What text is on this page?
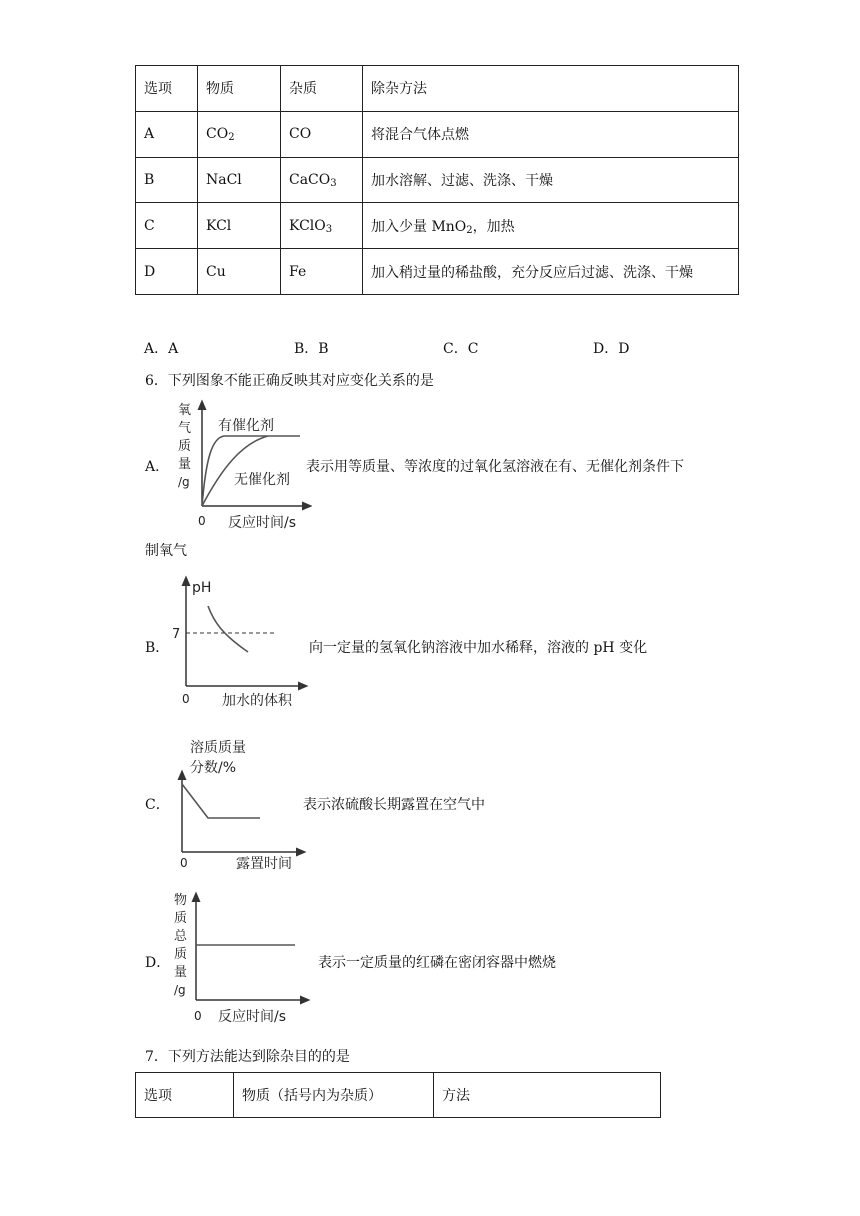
选项	物质	杂质	除杂方法
A	$CO_2$	CO	将混合气体点燃
B	NaCl	CaCO$_3$	加水溶解、过滤、洗涤、干燥
C	KCl	KClO$_3$	加入少量 MnO$_2$，加热
D	Cu	Fe	加入稍过量的稀盐酸，充分反应后过滤、洗涤、干燥
A．A	B．B	C．C	D．D
6．下列图象不能正确反映其对应变化关系的是
A．
有催化剂
无催化剂
氧
气
质
量
/g
0 反应时间/s
表示用等质量、等浓度的过氧化氢溶液在有、无催化剂条件下
制氧气
B．
pH
7
0 加水的体积
向一定量的氢氧化钠溶液中加水稀释，溶液的 pH 变化
C．
溶质质量
分数/%
0	露置时间
表示浓硫酸长期露置在空气中
D．
物
质
总
质
量
/g
0 反应时间/s
表示一定质量的红磷在密闭容器中燃烧
7．下列方法能达到除杂目的的是
选项	物质（括号内为杂质）	方法
